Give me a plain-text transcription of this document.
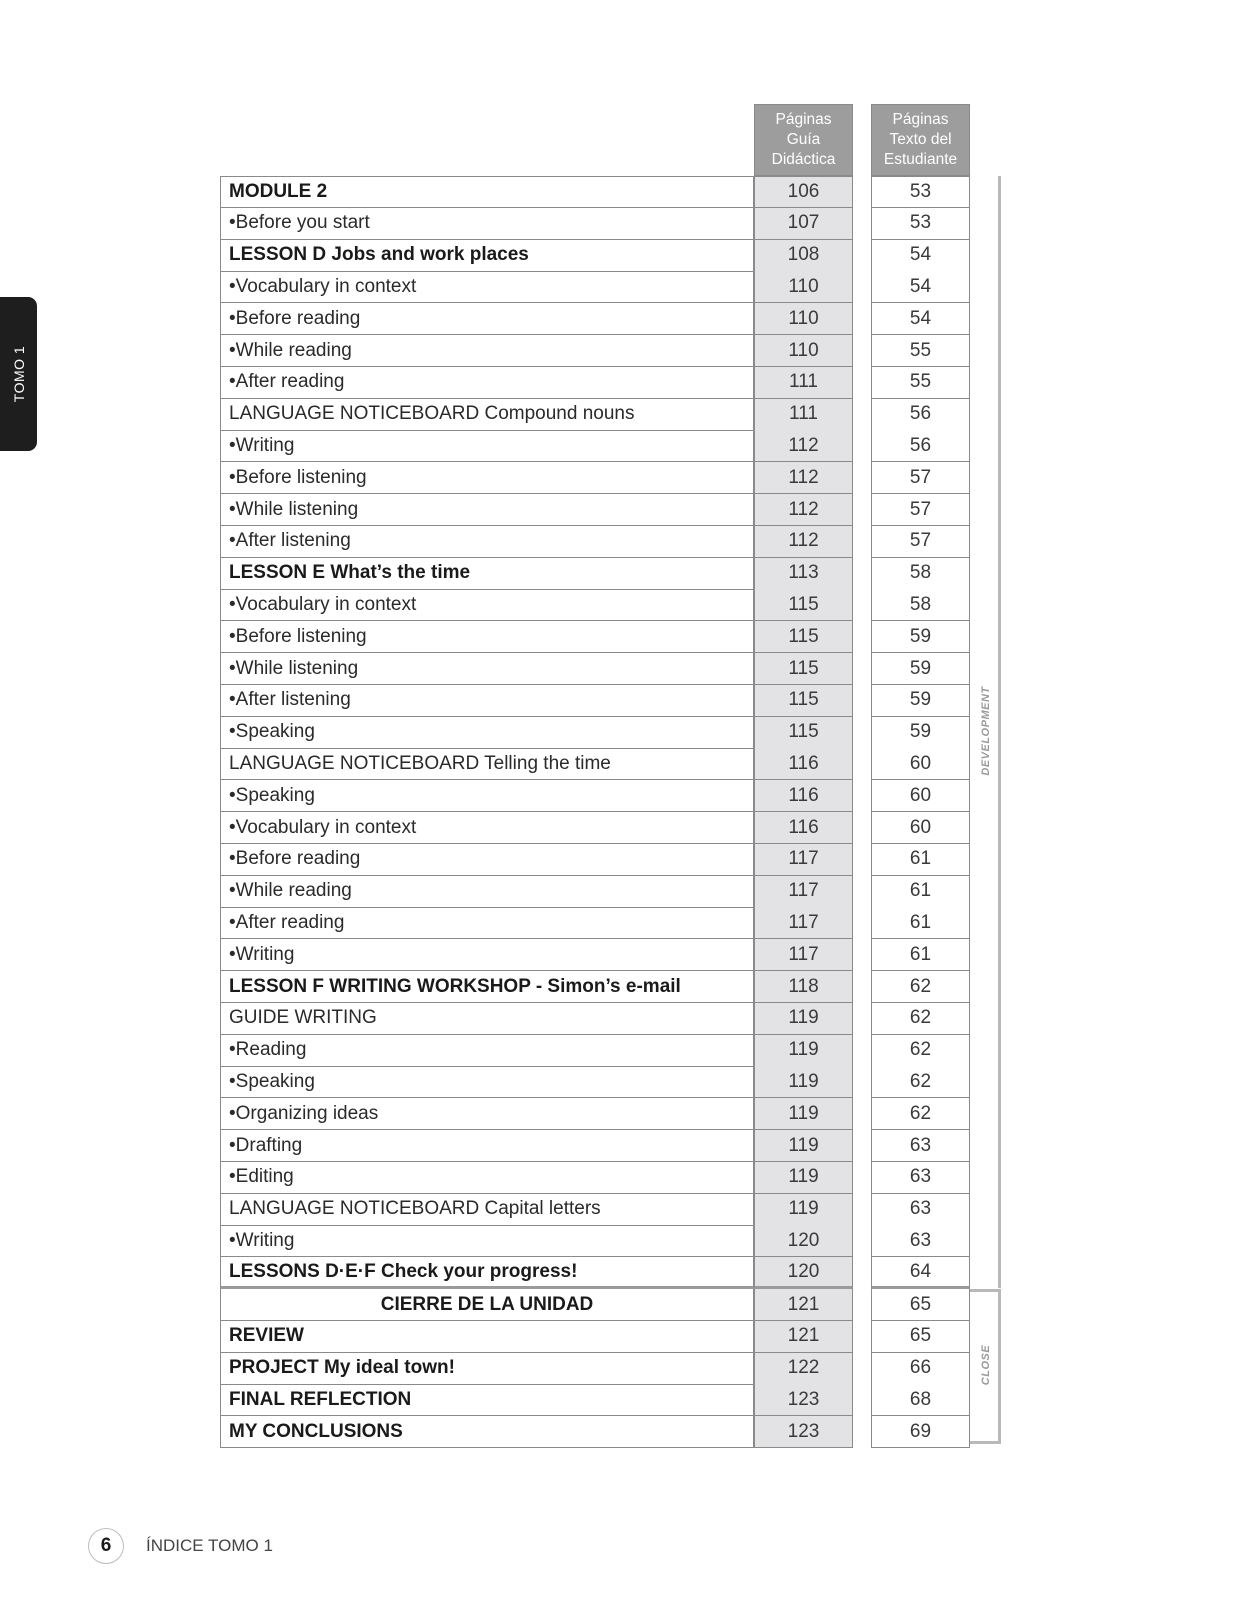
TOMO 1
Páginas
Guía
Didáctica
Páginas
Texto del
Estudiante
MODULE 2	106	53
•Before you start	107	53
LESSON D Jobs and work places	108	54
•Vocabulary in context	110	54
•Before reading	110	54
•While reading	110	55
•After reading	111	55
LANGUAGE NOTICEBOARD Compound nouns	111	56
•Writing	112	56
•Before listening	112	57
•While listening	112	57
•After listening	112	57
LESSON E What’s the time	113	58
•Vocabulary in context	115	58
•Before listening	115	59
•While listening	115	59
•After listening	115	59
•Speaking	115	59
LANGUAGE NOTICEBOARD Telling the time	116	60
•Speaking	116	60
•Vocabulary in context	116	60
•Before reading	117	61
•While reading	117	61
•After reading	117	61
•Writing	117	61
LESSON F WRITING WORKSHOP - Simon’s e-mail	118	62
GUIDE WRITING	119	62
•Reading	119	62
•Speaking	119	62
•Organizing ideas	119	62
•Drafting	119	63
•Editing	119	63
LANGUAGE NOTICEBOARD Capital letters	119	63
•Writing	120	63
LESSONS D·E·F Check your progress!	120	64
CIERRE DE LA UNIDAD	121	65
REVIEW	121	65
PROJECT My ideal town!	122	66
FINAL REFLECTION	123	68
MY CONCLUSIONS	123	69
DEVELOPMENT
CLOSE
6 ÍNDICE TOMO 1
